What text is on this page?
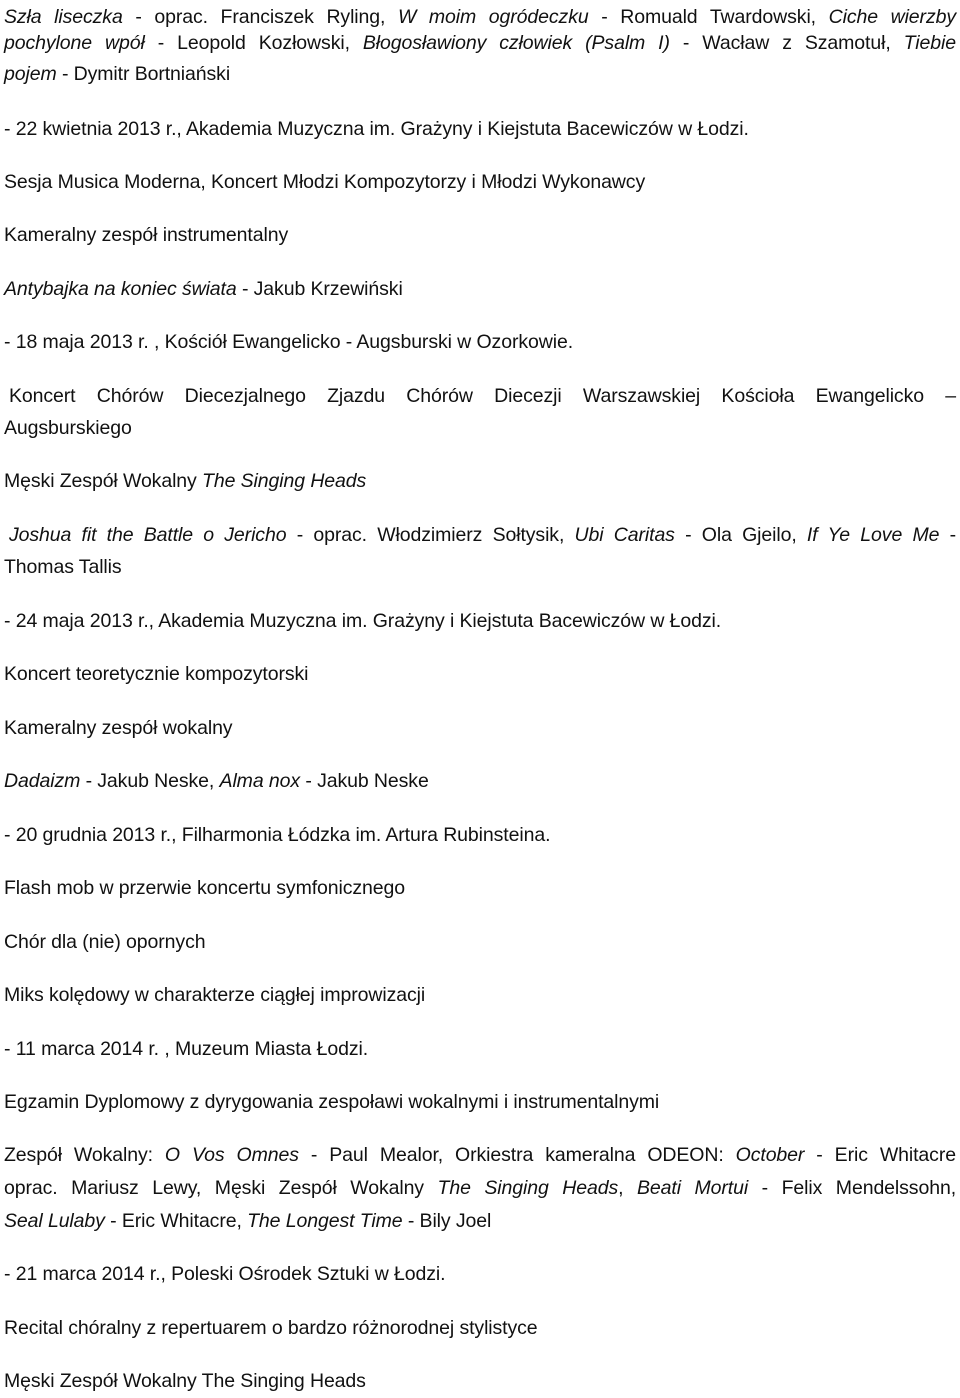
Szła liseczka - oprac. Franciszek Ryling, W moim ogródeczku - Romuald Twardowski, Ciche wierzby
pochylone wpół - Leopold Kozłowski, Błogosławiony człowiek (Psalm I) - Wacław z Szamotuł, Tiebie
pojem - Dymitr Bortniański
- 22 kwietnia 2013 r., Akademia Muzyczna im. Grażyny i Kiejstuta Bacewiczów w Łodzi.
Sesja Musica Moderna, Koncert Młodzi Kompozytorzy i Młodzi Wykonawcy
Kameralny zespół instrumentalny
Antybajka na koniec świata - Jakub Krzewiński
- 18 maja 2013 r. , Kościół Ewangelicko - Augsburski w Ozorkowie.
Koncert Chórów Diecezjalnego Zjazdu Chórów Diecezji Warszawskiej Kościoła Ewangelicko –
Augsburskiego
Męski Zespół Wokalny The Singing Heads
Joshua fit the Battle o Jericho - oprac. Włodzimierz Sołtysik, Ubi Caritas - Ola Gjeilo, If Ye Love Me -
Thomas Tallis
- 24 maja 2013 r., Akademia Muzyczna im. Grażyny i Kiejstuta Bacewiczów w Łodzi.
Koncert teoretycznie kompozytorski
Kameralny zespół wokalny
Dadaizm - Jakub Neske, Alma nox - Jakub Neske
- 20 grudnia 2013 r., Filharmonia Łódzka im. Artura Rubinsteina.
Flash mob w przerwie koncertu symfonicznego
Chór dla (nie) opornych
Miks kolędowy w charakterze ciągłej improwizacji
- 11 marca 2014 r. , Muzeum Miasta Łodzi.
Egzamin Dyplomowy z dyrygowania zespoławi wokalnymi i instrumentalnymi
Zespół Wokalny: O Vos Omnes - Paul Mealor, Orkiestra kameralna ODEON: October - Eric Whitacre
oprac. Mariusz Lewy, Męski Zespół Wokalny The Singing Heads, Beati Mortui - Felix Mendelssohn,
Seal Lulaby - Eric Whitacre, The Longest Time - Bily Joel
- 21 marca 2014 r., Poleski Ośrodek Sztuki w Łodzi.
Recital chóralny z repertuarem o bardzo różnorodnej stylistyce
Męski Zespół Wokalny The Singing Heads
